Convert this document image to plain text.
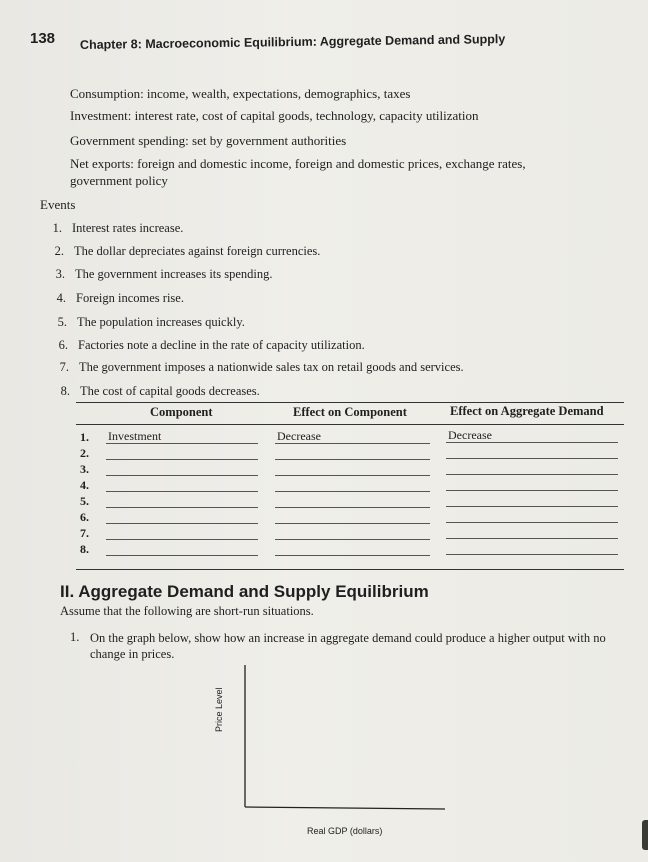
138 Chapter 8: Macroeconomic Equilibrium: Aggregate Demand and Supply
Consumption: income, wealth, expectations, demographics, taxes
Investment: interest rate, cost of capital goods, technology, capacity utilization
Government spending: set by government authorities
Net exports: foreign and domestic income, foreign and domestic prices, exchange rates,
government policy
Events
1. Interest rates increase.
2. The dollar depreciates against foreign currencies.
3. The government increases its spending.
4. Foreign incomes rise.
5. The population increases quickly.
6. Factories note a decline in the rate of capacity utilization.
7. The government imposes a nationwide sales tax on retail goods and services.
8. The cost of capital goods decreases.
Component	Effect on Component	Effect on Aggregate Demand
1. Investment	Decrease	Decrease
2.
3.
4.
5.
6.
7.
8.
II. Aggregate Demand and Supply Equilibrium
Assume that the following are short-run situations.
1. On the graph below, show how an increase in aggregate demand could produce a higher output with no change in prices.
Price Level
Real GDP (dollars)
